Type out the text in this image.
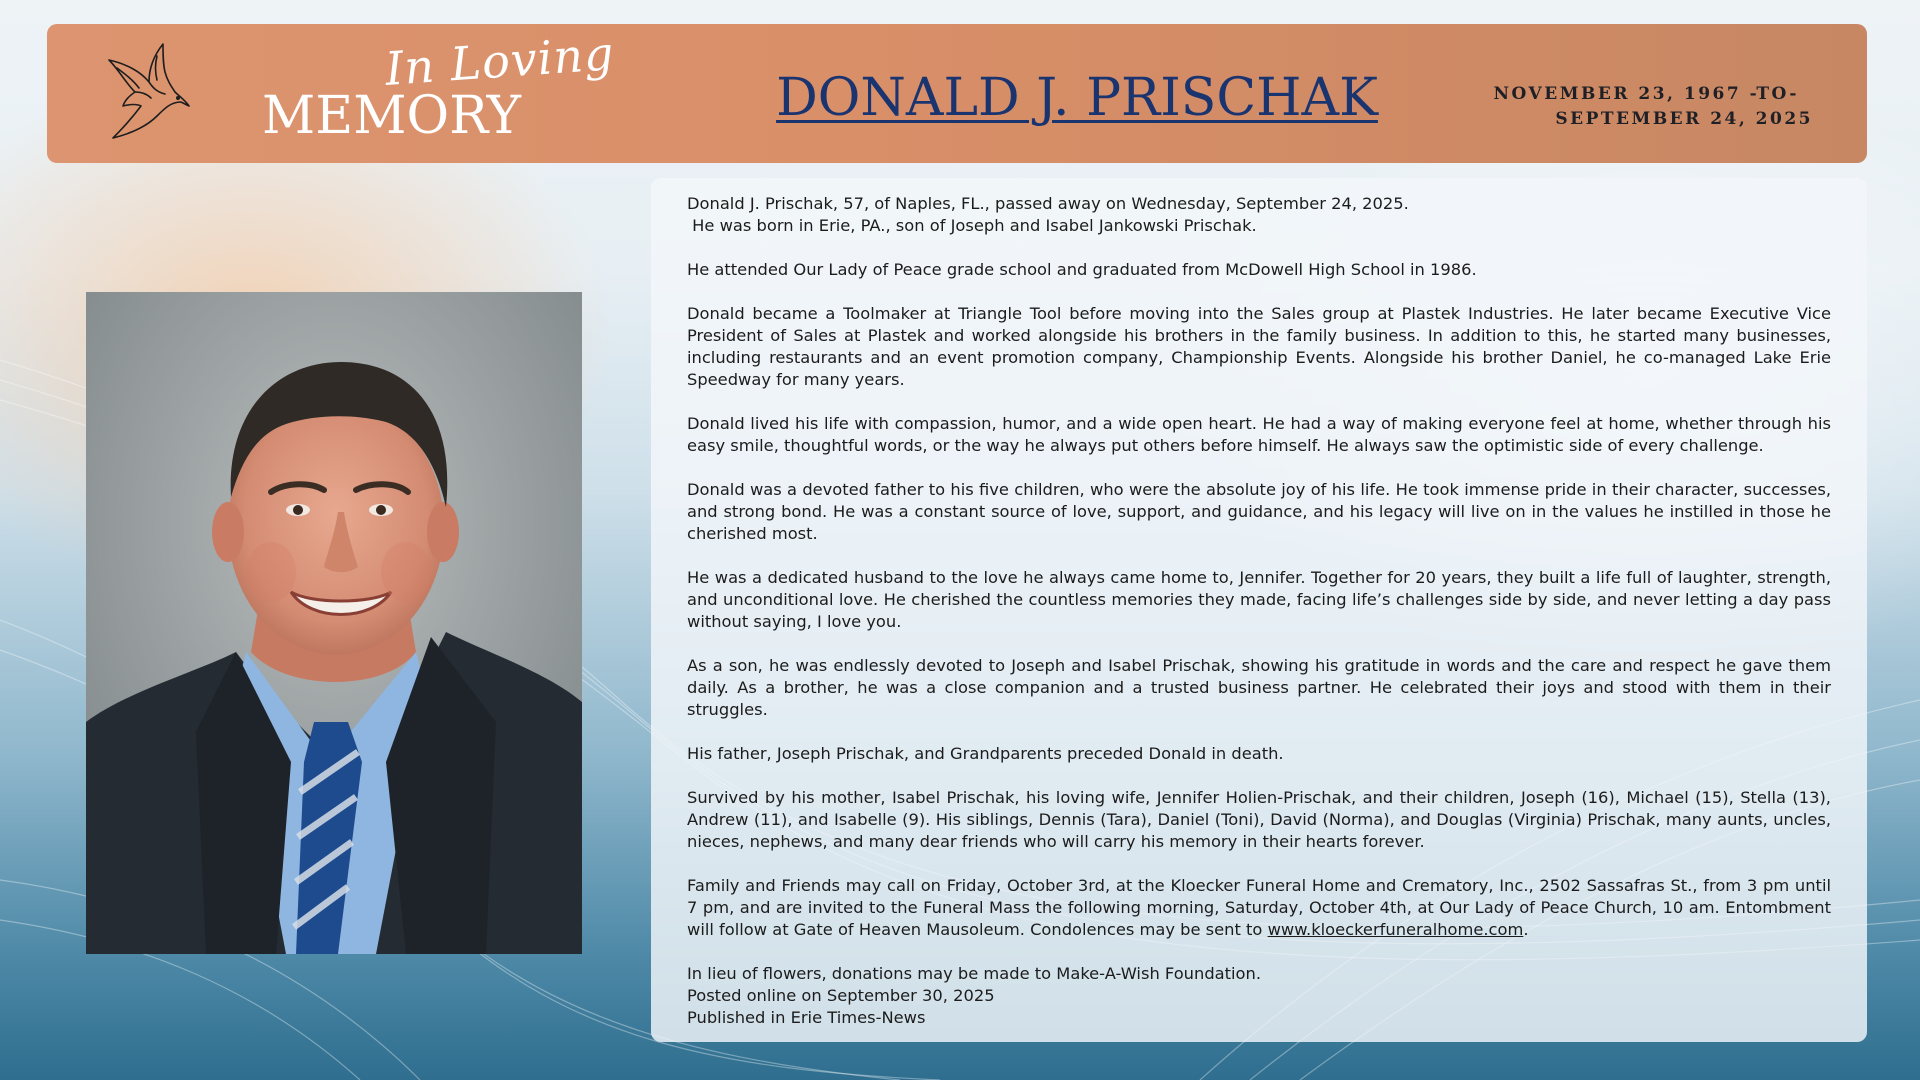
In Loving
MEMORY	DONALD J. PRISCHAK	NOVEMBER 23, 1967 -TO-
SEPTEMBER 24, 2025

Donald J. Prischak, 57, of Naples, FL., passed away on Wednesday, September 24, 2025.
He was born in Erie, PA., son of Joseph and Isabel Jankowski Prischak.

He attended Our Lady of Peace grade school and graduated from McDowell High School in 1986.

Donald became a Toolmaker at Triangle Tool before moving into the Sales group at Plastek Industries. He later became Executive Vice President of Sales at Plastek and worked alongside his brothers in the family business. In addition to this, he started many businesses, including restaurants and an event promotion company, Championship Events. Alongside his brother Daniel, he co-managed Lake Erie Speedway for many years.

Donald lived his life with compassion, humor, and a wide open heart. He had a way of making everyone feel at home, whether through his easy smile, thoughtful words, or the way he always put others before himself. He always saw the optimistic side of every challenge.

Donald was a devoted father to his five children, who were the absolute joy of his life. He took immense pride in their character, successes, and strong bond. He was a constant source of love, support, and guidance, and his legacy will live on in the values he instilled in those he cherished most.

He was a dedicated husband to the love he always came home to, Jennifer. Together for 20 years, they built a life full of laughter, strength, and unconditional love. He cherished the countless memories they made, facing life’s challenges side by side, and never letting a day pass without saying, I love you.

As a son, he was endlessly devoted to Joseph and Isabel Prischak, showing his gratitude in words and the care and respect he gave them daily. As a brother, he was a close companion and a trusted business partner. He celebrated their joys and stood with them in their struggles.

His father, Joseph Prischak, and Grandparents preceded Donald in death.

Survived by his mother, Isabel Prischak, his loving wife, Jennifer Holien-Prischak, and their children, Joseph (16), Michael (15), Stella (13), Andrew (11), and Isabelle (9). His siblings, Dennis (Tara), Daniel (Toni), David (Norma), and Douglas (Virginia) Prischak, many aunts, uncles, nieces, nephews, and many dear friends who will carry his memory in their hearts forever.

Family and Friends may call on Friday, October 3rd, at the Kloecker Funeral Home and Crematory, Inc., 2502 Sassafras St., from 3 pm until 7 pm, and are invited to the Funeral Mass the following morning, Saturday, October 4th, at Our Lady of Peace Church, 10 am. Entombment will follow at Gate of Heaven Mausoleum. Condolences may be sent to www.kloeckerfuneralhome.com.

In lieu of flowers, donations may be made to Make-A-Wish Foundation.
Posted online on September 30, 2025
Published in Erie Times-News
